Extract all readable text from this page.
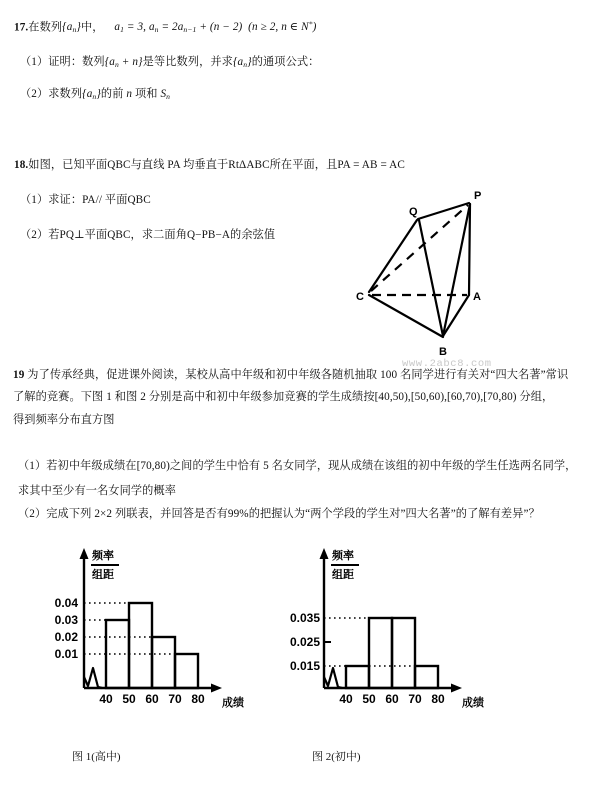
17.在数列$\{a_n\}$中， $a_1 = 3$, $a_n = 2a_{n-1} + (n - 2) (n \ge 2$, n ∈ N*)
（1）证明：数列$\{a_n + n\}$是等比数列，并求$\{a_n\}$的通项公式：
（2）求数列$\{a_n\}$的前 n 项和 $S_n$
18.如图，已知平面QBC与直线 PA 均垂直于RtΔABC所在平面，且PA = AB = AC
（1）求证：PA// 平面QBC
（2）若PQ⊥平面QBC，求二面角Q−PB−A的余弦值
P
Q
C	A
B
www.2abc8.com
19 为了传承经典，促进课外阅读，某校从高中年级和初中年级各随机抽取 100 名同学进行有关对“四大名著”常识
了解的竞赛。下图 1 和图 2 分别是高中和初中年级参加竞赛的学生成绩按[40,50),[50,60),[60,70),[70,80) 分组，
得到频率分布直方图
（1）若初中年级成绩在[70,80)之间的学生中恰有 5 名女同学，现从成绩在该组的初中年级的学生任选两名同学，
求其中至少有一名女同学的概率
（2）完成下列 2×2 列联表，并回答是否有99%的把握认为“两个学段的学生对”四大名著”的了解有差异”？
0.04
0.03
0.02
0.01
40 50 60 70 80
频率
组距
成绩
图 1(高中)
0.035
0.025
0.015
40 50 60 70 80
频率
组距
成绩
图 2(初中)
